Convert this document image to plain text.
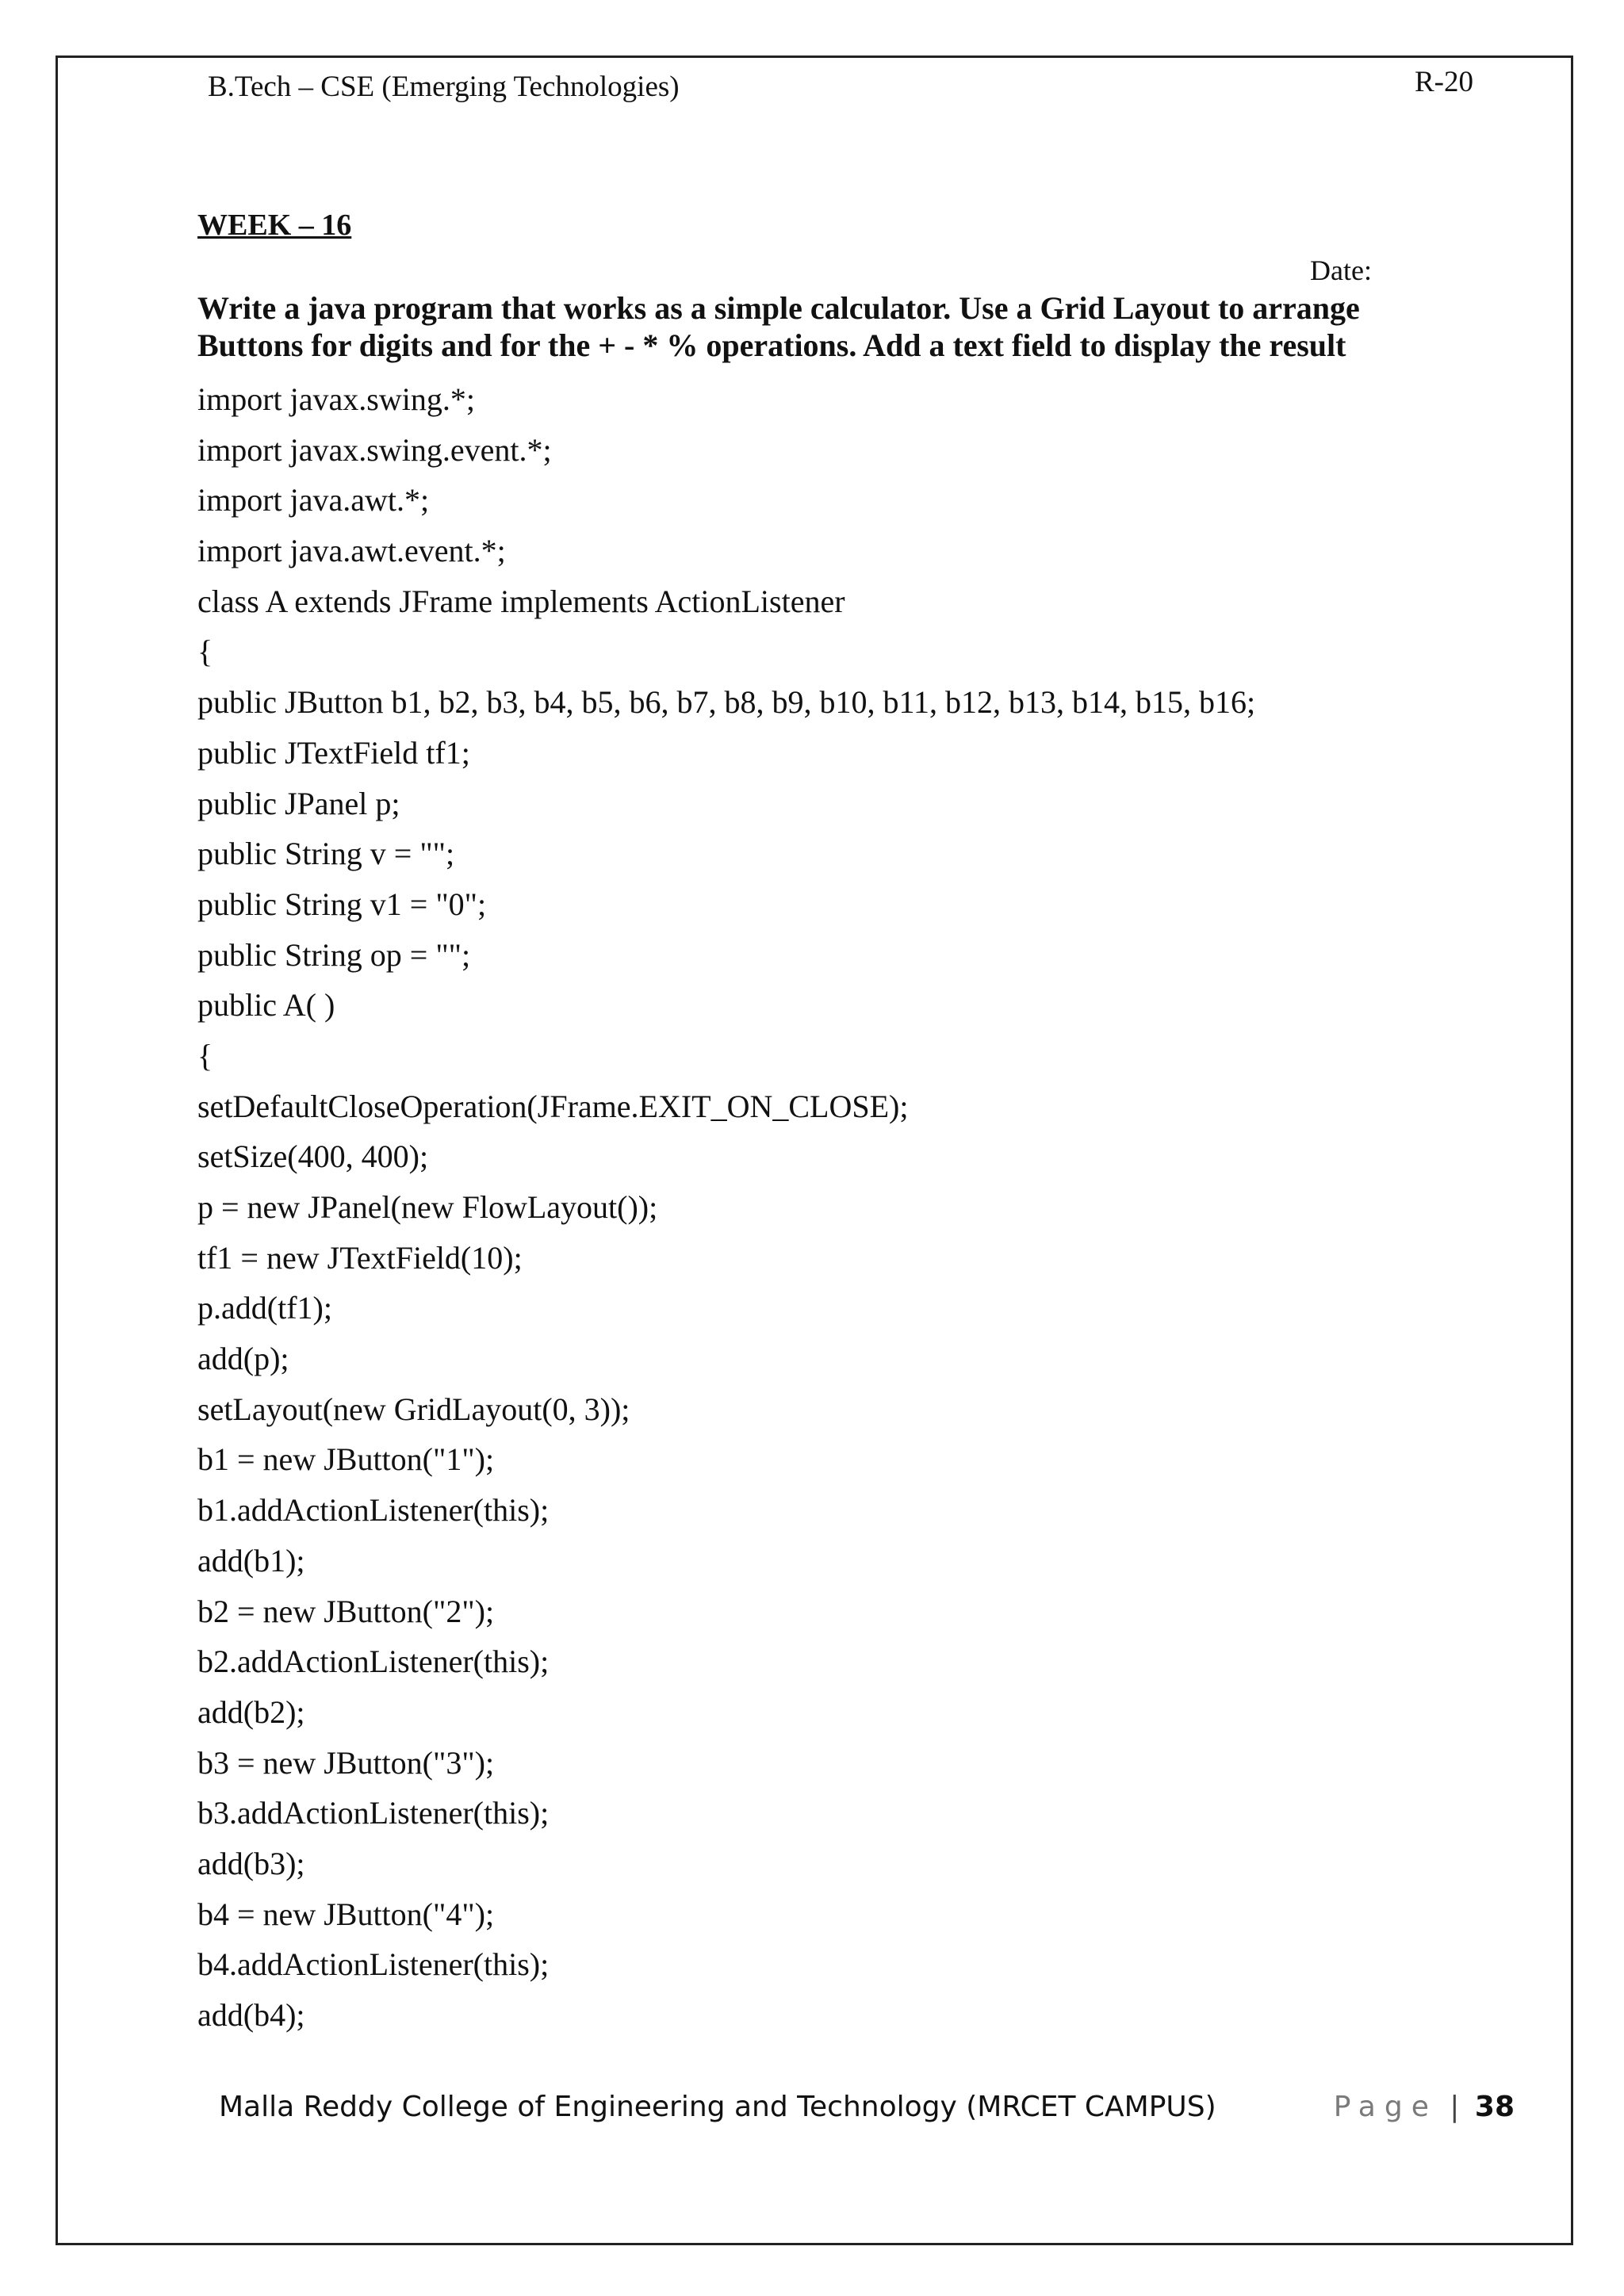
B.Tech – CSE (Emerging Technologies)	R-20
WEEK – 16
Date:
Write a java program that works as a simple calculator. Use a Grid Layout to arrange
Buttons for digits and for the + - * % operations. Add a text field to display the result
import javax.swing.*;
import javax.swing.event.*;
import java.awt.*;
import java.awt.event.*;
class A extends JFrame implements ActionListener
{
public JButton b1, b2, b3, b4, b5, b6, b7, b8, b9, b10, b11, b12, b13, b14, b15, b16;
public JTextField tf1;
public JPanel p;
public String v = "";
public String v1 = "0";
public String op = "";
public A( )
{
setDefaultCloseOperation(JFrame.EXIT_ON_CLOSE);
setSize(400, 400);
p = new JPanel(new FlowLayout());
tf1 = new JTextField(10);
p.add(tf1);
add(p);
setLayout(new GridLayout(0, 3));
b1 = new JButton("1");
b1.addActionListener(this);
add(b1);
b2 = new JButton("2");
b2.addActionListener(this);
add(b2);
b3 = new JButton("3");
b3.addActionListener(this);
add(b3);
b4 = new JButton("4");
b4.addActionListener(this);
add(b4);
Malla Reddy College of Engineering and Technology (MRCET CAMPUS)	Page | 38
